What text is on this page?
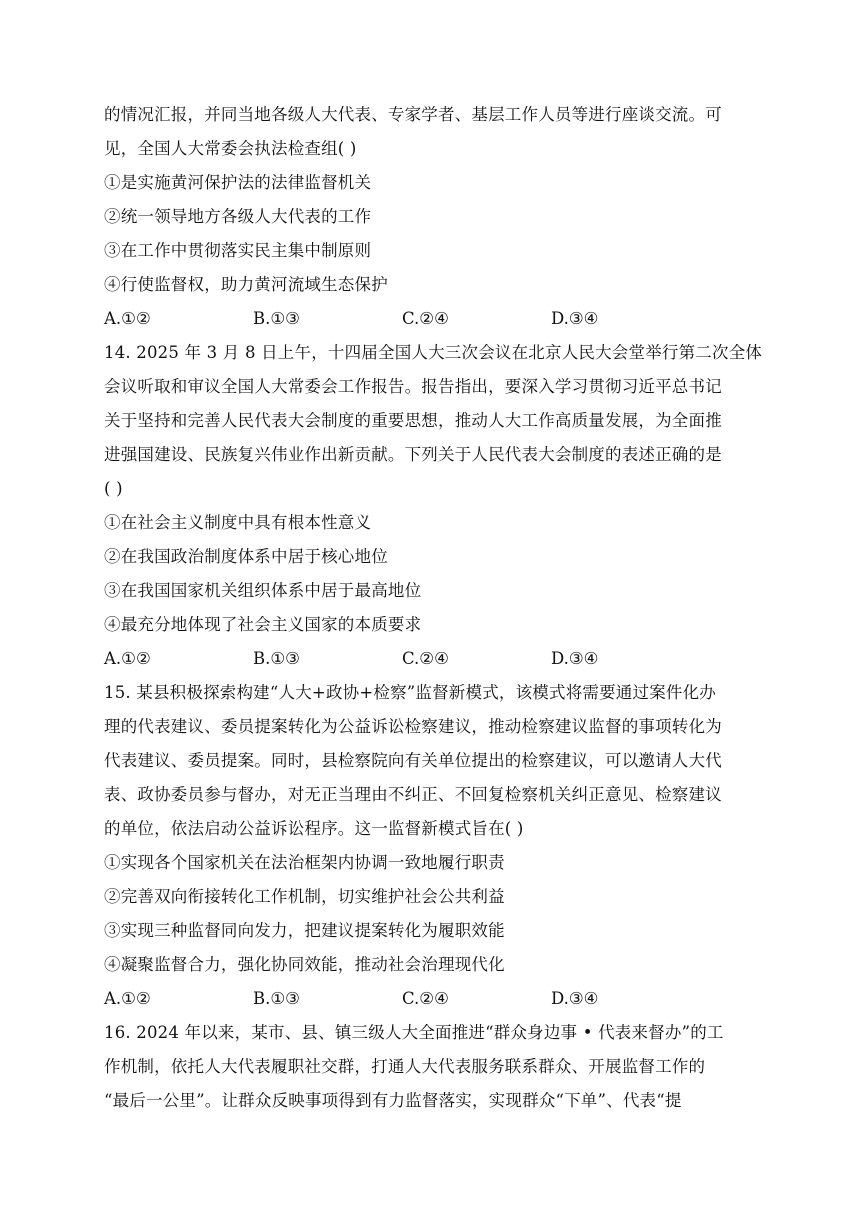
的情况汇报，并同当地各级人大代表、专家学者、基层工作人员等进行座谈交流。可
见，全国人大常委会执法检查组( )
①是实施黄河保护法的法律监督机关
②统一领导地方各级人大代表的工作
③在工作中贯彻落实民主集中制原则
④行使监督权，助力黄河流域生态保护
A.①②	B.①③	C.②④	D.③④
14. 2025 年 3 月 8 日上午，十四届全国人大三次会议在北京人民大会堂举行第二次全体
会议听取和审议全国人大常委会工作报告。报告指出，要深入学习贯彻习近平总书记
关于坚持和完善人民代表大会制度的重要思想，推动人大工作高质量发展，为全面推
进强国建设、民族复兴伟业作出新贡献。下列关于人民代表大会制度的表述正确的是
( )
①在社会主义制度中具有根本性意义
②在我国政治制度体系中居于核心地位
③在我国国家机关组织体系中居于最高地位
④最充分地体现了社会主义国家的本质要求
A.①②	B.①③	C.②④	D.③④
15. 某县积极探索构建“人大+政协+检察”监督新模式，该模式将需要通过案件化办
理的代表建议、委员提案转化为公益诉讼检察建议，推动检察建议监督的事项转化为
代表建议、委员提案。同时，县检察院向有关单位提出的检察建议，可以邀请人大代
表、政协委员参与督办，对无正当理由不纠正、不回复检察机关纠正意见、检察建议
的单位，依法启动公益诉讼程序。这一监督新模式旨在( )
①实现各个国家机关在法治框架内协调一致地履行职责
②完善双向衔接转化工作机制，切实维护社会公共利益
③实现三种监督同向发力，把建议提案转化为履职效能
④凝聚监督合力，强化协同效能，推动社会治理现代化
A.①②	B.①③	C.②④	D.③④
16. 2024 年以来，某市、县、镇三级人大全面推进“群众身边事 • 代表来督办”的工
作机制，依托人大代表履职社交群，打通人大代表服务联系群众、开展监督工作的
“最后一公里”。让群众反映事项得到有力监督落实，实现群众“下单”、代表“提
